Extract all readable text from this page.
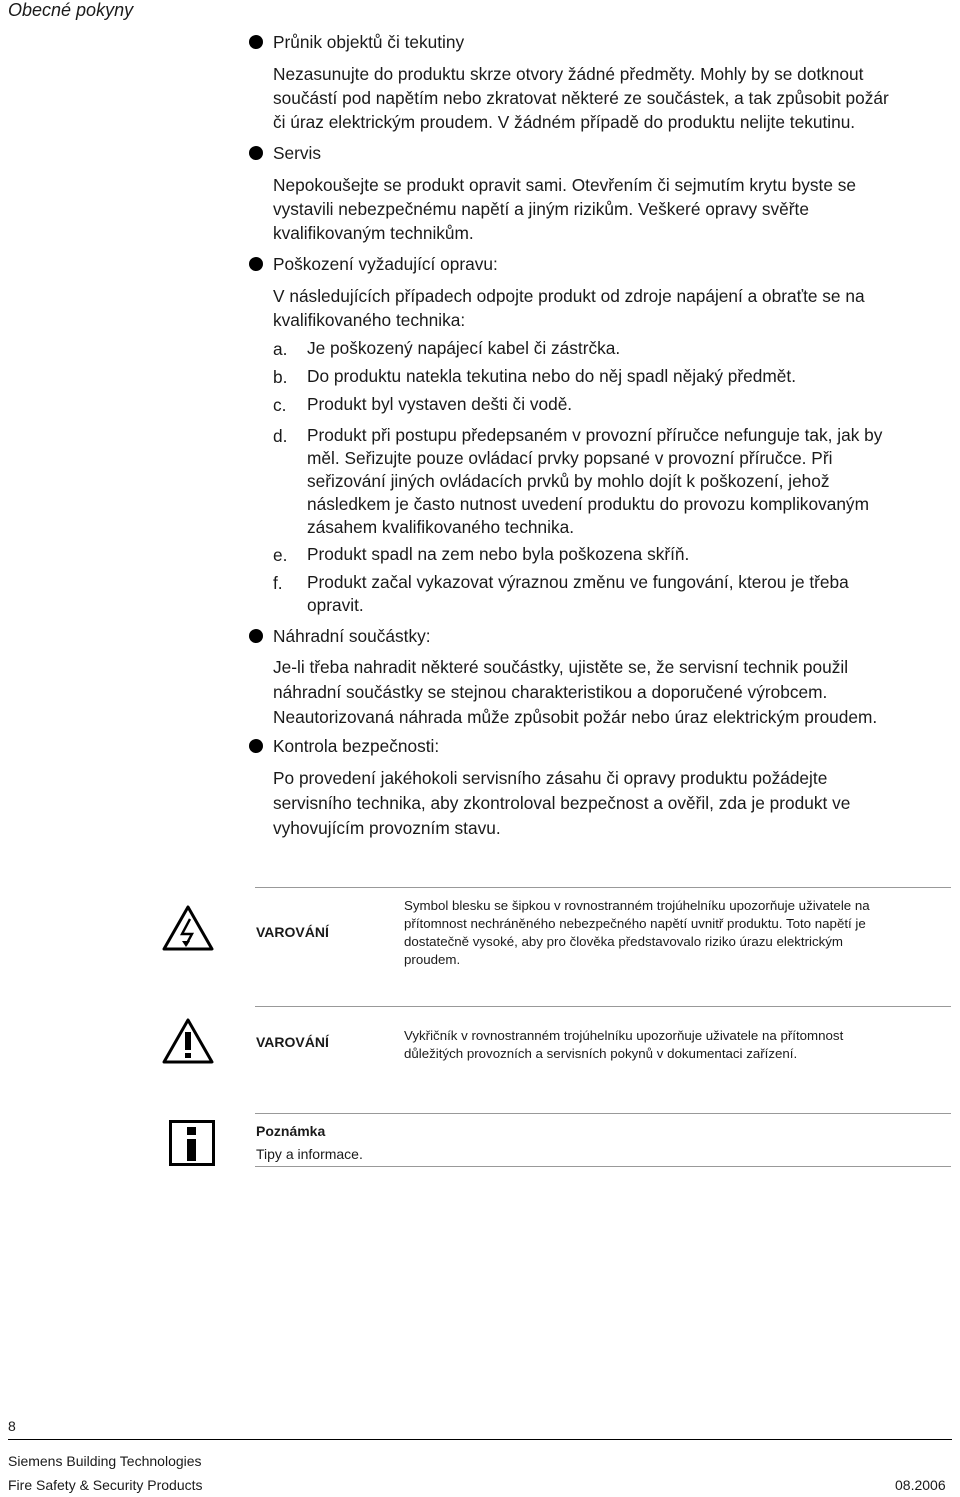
Obecné pokyny
Průnik objektů či tekutiny
Nezasunujte do produktu skrze otvory žádné předměty. Mohly by se dotknout
součástí pod napětím nebo zkratovat některé ze součástek, a tak způsobit požár
či úraz elektrickým proudem. V žádném případě do produktu nelijte tekutinu.
Servis
Nepokoušejte se produkt opravit sami. Otevřením či sejmutím krytu byste se
vystavili nebezpečnému napětí a jiným rizikům. Veškeré opravy svěřte
kvalifikovaným technikům.
Poškození vyžadující opravu:
V následujících případech odpojte produkt od zdroje napájení a obraťte se na
kvalifikovaného technika:
a. Je poškozený napájecí kabel či zástrčka.
b. Do produktu natekla tekutina nebo do něj spadl nějaký předmět.
c. Produkt byl vystaven dešti či vodě.
d. Produkt při postupu předepsaném v provozní příručce nefunguje tak, jak by
měl. Seřizujte pouze ovládací prvky popsané v provozní příručce. Při
seřizování jiných ovládacích prvků by mohlo dojít k poškození, jehož
následkem je často nutnost uvedení produktu do provozu komplikovaným
zásahem kvalifikovaného technika.
e. Produkt spadl na zem nebo byla poškozena skříň.
f. Produkt začal vykazovat výraznou změnu ve fungování, kterou je třeba
opravit.
Náhradní součástky:
Je-li třeba nahradit některé součástky, ujistěte se, že servisní technik použil
náhradní součástky se stejnou charakteristikou a doporučené výrobcem.
Neautorizovaná náhrada může způsobit požár nebo úraz elektrickým proudem.
Kontrola bezpečnosti:
Po provedení jakéhokoli servisního zásahu či opravy produktu požádejte
servisního technika, aby zkontroloval bezpečnost a ověřil, zda je produkt ve
vyhovujícím provozním stavu.
VAROVÁNÍ
Symbol blesku se šipkou v rovnostranném trojúhelníku upozorňuje uživatele na
přítomnost nechráněného nebezpečného napětí uvnitř produktu. Toto napětí je
dostatečně vysoké, aby pro člověka představovalo riziko úrazu elektrickým
proudem.
VAROVÁNÍ	Vykřičník v rovnostranném trojúhelníku upozorňuje uživatele na přítomnost
důležitých provozních a servisních pokynů v dokumentaci zařízení.
Poznámka
Tipy a informace.
8
Siemens Building Technologies
Fire Safety & Security Products	08.2006
